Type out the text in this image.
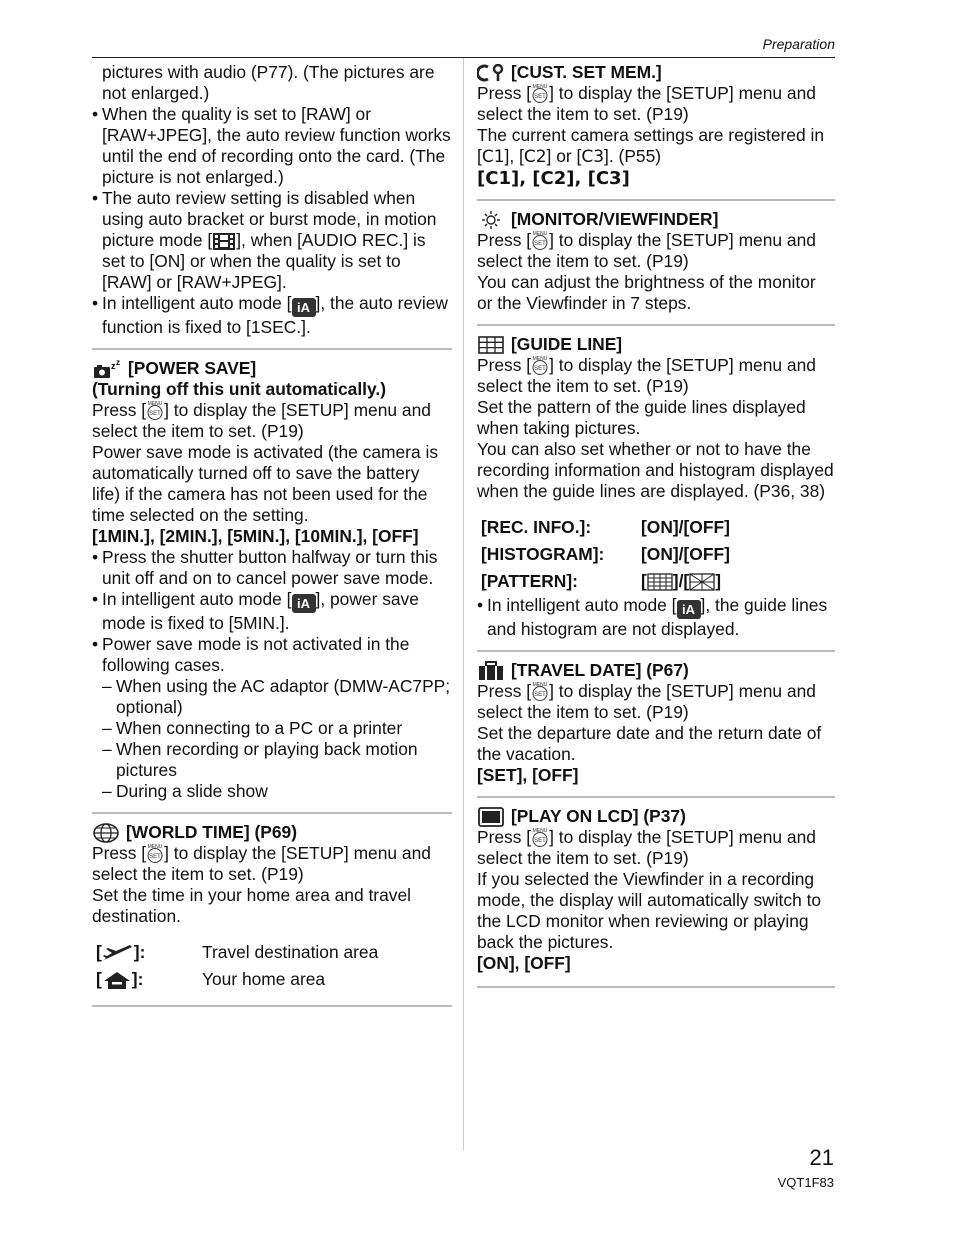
Preparation

pictures with audio (P77). (The pictures are not enlarged.)

• When the quality is set to [RAW] or [RAW+JPEG], the auto review function works until the end of recording onto the card. (The picture is not enlarged.)

• The auto review setting is disabled when using auto bracket or burst mode, in motion picture mode [ ], when [AUDIO REC.] is set to [ON] or when the quality is set to [RAW] or [RAW+JPEG].

• In intelligent auto mode [ iA ], the auto review function is fixed to [1SEC.].

z z [POWER SAVE]

(Turning off this unit automatically.)

Press [ ] to display the [SETUP] menu and select the item to set. (P19)

Power save mode is activated (the camera is automatically turned off to save the battery life) if the camera has not been used for the time selected on the setting.

[1MIN.], [2MIN.], [5MIN.], [10MIN.], [OFF]

• Press the shutter button halfway or turn this unit off and on to cancel power save mode.

• In intelligent auto mode [ iA ], power save mode is fixed to [5MIN.].

• Power save mode is not activated in the following cases.

– When using the AC adaptor (DMW-AC7PP; optional)

– When connecting to a PC or a printer

– When recording or playing back motion pictures

– During a slide show

[WORLD TIME] (P69)

Press [ ] to display the [SETUP] menu and select the item to set. (P19)

Set the time in your home area and travel destination.

[ ]:	Travel destination area
[ ]:	Your home area
[CUST. SET MEM.]

Press [ ] to display the [SETUP] menu and select the item to set. (P19)

The current camera settings are registered in [C1], [C2] or [C3]. (P55)

[C1], [C2], [C3]

[MONITOR/VIEWFINDER]

Press [ ] to display the [SETUP] menu and select the item to set. (P19)

You can adjust the brightness of the monitor or the Viewfinder in 7 steps.

[GUIDE LINE]

Press [ ] to display the [SETUP] menu and select the item to set. (P19)

Set the pattern of the guide lines displayed when taking pictures.

You can also set whether or not to have the recording information and histogram displayed when the guide lines are displayed. (P36, 38)

[REC. INFO.]:	[ON]/[OFF]
[HISTOGRAM]:	[ON]/[OFF]
[PATTERN]:	[ ]/[ ]

• In intelligent auto mode [ iA ], the guide lines and histogram are not displayed.

[TRAVEL DATE] (P67)

Press [ ] to display the [SETUP] menu and select the item to set. (P19)

Set the departure date and the return date of the vacation.

[SET], [OFF]

[PLAY ON LCD] (P37)

Press [ ] to display the [SETUP] menu and select the item to set. (P19)

If you selected the Viewfinder in a recording mode, the display will automatically switch to the LCD monitor when reviewing or playing back the pictures.

[ON], [OFF]

21
VQT1F83
